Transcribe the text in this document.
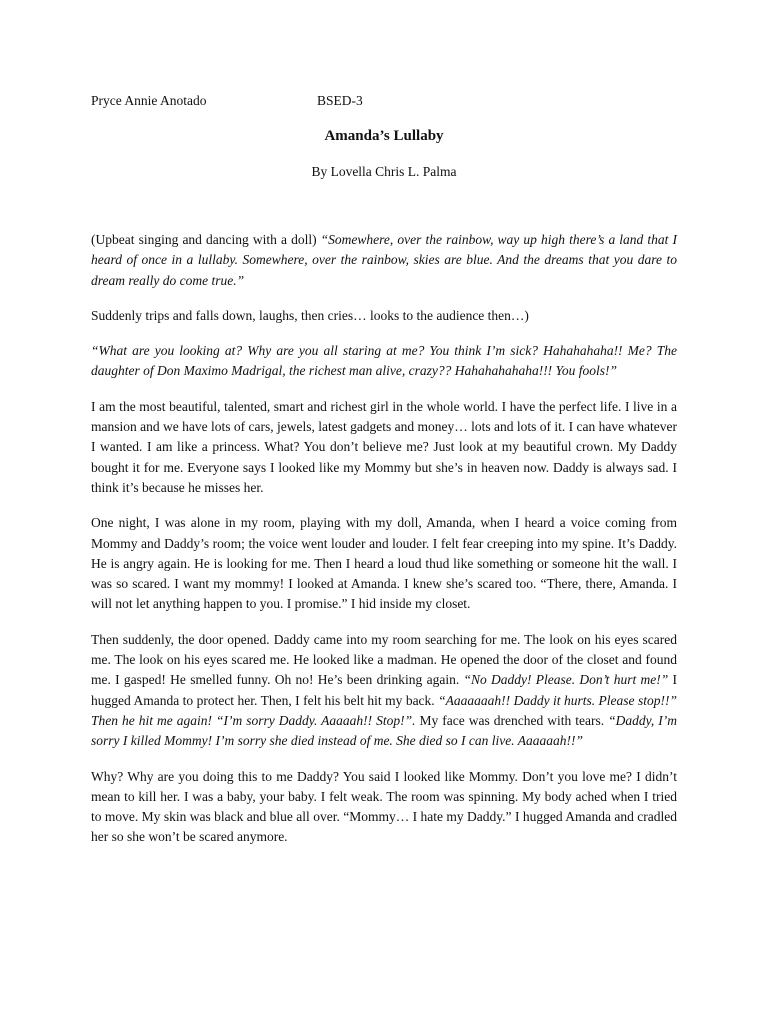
Pryce Annie Anotado	BSED-3
Amanda’s Lullaby
By Lovella Chris L. Palma

(Upbeat singing and dancing with a doll) “Somewhere, over the rainbow, way up high there’s a land that I heard of once in a lullaby. Somewhere, over the rainbow, skies are blue. And the dreams that you dare to dream really do come true.”

Suddenly trips and falls down, laughs, then cries… looks to the audience then…)

“What are you looking at? Why are you all staring at me? You think I’m sick? Hahahahaha!! Me? The daughter of Don Maximo Madrigal, the richest man alive, crazy?? Hahahahahaha!!! You fools!”

I am the most beautiful, talented, smart and richest girl in the whole world. I have the perfect life. I live in a mansion and we have lots of cars, jewels, latest gadgets and money… lots and lots of it. I can have whatever I wanted. I am like a princess. What? You don’t believe me? Just look at my beautiful crown. My Daddy bought it for me. Everyone says I looked like my Mommy but she’s in heaven now. Daddy is always sad. I think it’s because he misses her.

One night, I was alone in my room, playing with my doll, Amanda, when I heard a voice coming from Mommy and Daddy’s room; the voice went louder and louder. I felt fear creeping into my spine. It’s Daddy. He is angry again. He is looking for me. Then I heard a loud thud like something or someone hit the wall. I was so scared. I want my mommy! I looked at Amanda. I knew she’s scared too. “There, there, Amanda. I will not let anything happen to you. I promise.” I hid inside my closet.

Then suddenly, the door opened. Daddy came into my room searching for me. The look on his eyes scared me. The look on his eyes scared me. He looked like a madman. He opened the door of the closet and found me. I gasped! He smelled funny. Oh no! He’s been drinking again. “No Daddy! Please. Don’t hurt me!” I hugged Amanda to protect her. Then, I felt his belt hit my back. “Aaaaaaah!! Daddy it hurts. Please stop!!” Then he hit me again! “I’m sorry Daddy. Aaaaah!! Stop!”. My face was drenched with tears. “Daddy, I’m sorry I killed Mommy! I’m sorry she died instead of me. She died so I can live. Aaaaaah!!”

Why? Why are you doing this to me Daddy? You said I looked like Mommy. Don’t you love me? I didn’t mean to kill her. I was a baby, your baby. I felt weak. The room was spinning. My body ached when I tried to move. My skin was black and blue all over. “Mommy… I hate my Daddy.” I hugged Amanda and cradled her so she won’t be scared anymore.
